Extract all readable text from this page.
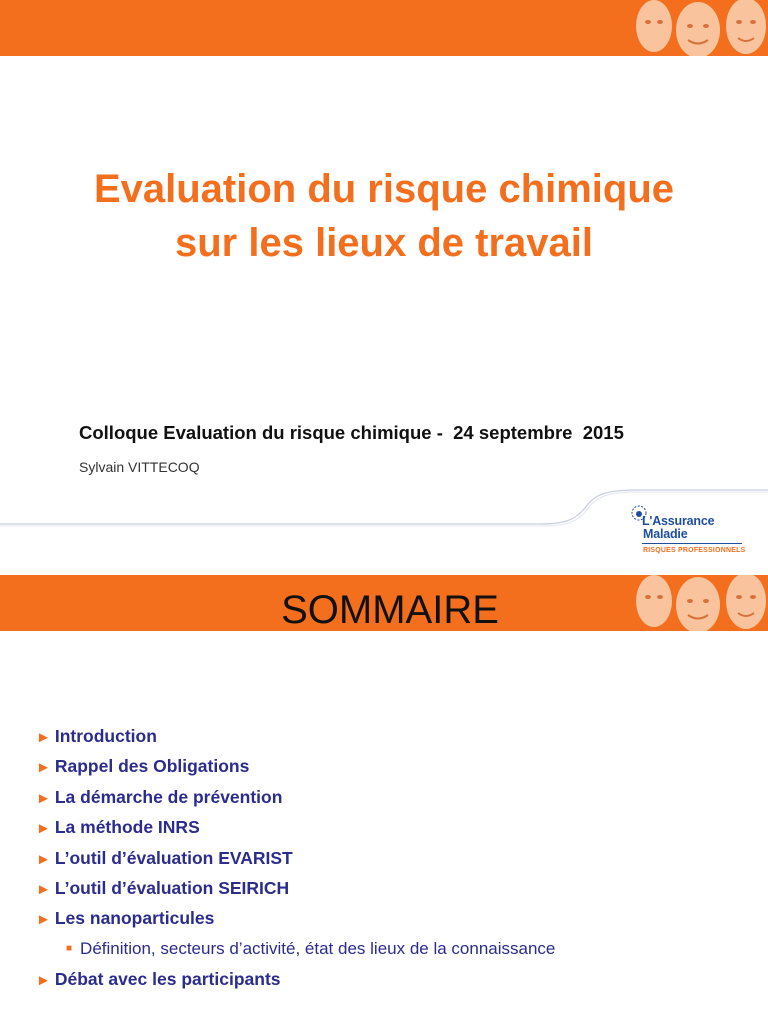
Evaluation du risque chimique
sur les lieux de travail
Colloque Evaluation du risque chimique -  24 septembre  2015
Sylvain VITTECOQ
L'Assurance
Maladie
RISQUES PROFESSIONNELS
SOMMAIRE
► Introduction
► Rappel des Obligations
► La démarche de prévention
► La méthode INRS
► L’outil d’évaluation EVARIST
► L’outil d’évaluation SEIRICH
► Les nanoparticules
■ Définition, secteurs d’activité, état des lieux de la connaissance
► Débat avec les participants
